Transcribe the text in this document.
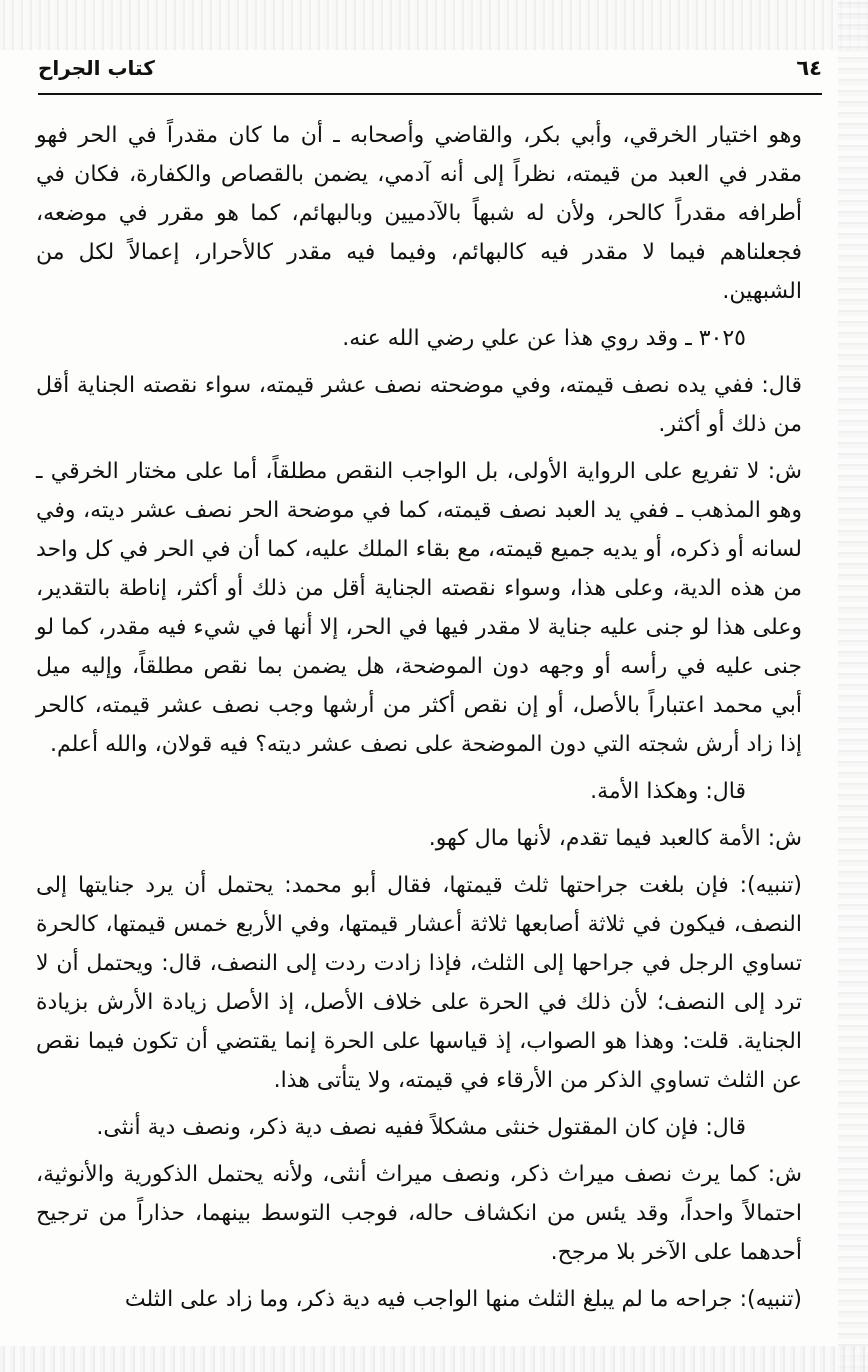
٦٤
كتاب الجراح

وهو اختيار الخرقي، وأبي بكر، والقاضي وأصحابه ـ أن ما كان مقدراً في الحر فهو مقدر في العبد من قيمته، نظراً إلى أنه آدمي، يضمن بالقصاص والكفارة، فكان في أطرافه مقدراً كالحر، ولأن له شبهاً بالآدميين وبالبهائم، كما هو مقرر في موضعه، فجعلناهم فيما لا مقدر فيه كالبهائم، وفيما فيه مقدر كالأحرار، إعمالاً لكل من الشبهين.

٣٠٢٥ ـ وقد روي هذا عن علي رضي الله عنه.

قال: ففي يده نصف قيمته، وفي موضحته نصف عشر قيمته، سواء نقصته الجناية أقل من ذلك أو أكثر.

ش: لا تفريع على الرواية الأولى، بل الواجب النقص مطلقاً، أما على مختار الخرقي ـ وهو المذهب ـ ففي يد العبد نصف قيمته، كما في موضحة الحر نصف عشر ديته، وفي لسانه أو ذكره، أو يديه جميع قيمته، مع بقاء الملك عليه، كما أن في الحر في كل واحد من هذه الدية، وعلى هذا، وسواء نقصته الجناية أقل من ذلك أو أكثر، إناطة بالتقدير، وعلى هذا لو جنى عليه جناية لا مقدر فيها في الحر، إلا أنها في شيء فيه مقدر، كما لو جنى عليه في رأسه أو وجهه دون الموضحة، هل يضمن بما نقص مطلقاً، وإليه ميل أبي محمد اعتباراً بالأصل، أو إن نقص أكثر من أرشها وجب نصف عشر قيمته، كالحر إذا زاد أرش شجته التي دون الموضحة على نصف عشر ديته؟ فيه قولان، والله أعلم.

قال: وهكذا الأمة.

ش: الأمة كالعبد فيما تقدم، لأنها مال كهو.

(تنبيه): فإن بلغت جراحتها ثلث قيمتها، فقال أبو محمد: يحتمل أن يرد جنايتها إلى النصف، فيكون في ثلاثة أصابعها ثلاثة أعشار قيمتها، وفي الأربع خمس قيمتها، كالحرة تساوي الرجل في جراحها إلى الثلث، فإذا زادت ردت إلى النصف، قال: ويحتمل أن لا ترد إلى النصف؛ لأن ذلك في الحرة على خلاف الأصل، إذ الأصل زيادة الأرش بزيادة الجناية. قلت: وهذا هو الصواب، إذ قياسها على الحرة إنما يقتضي أن تكون فيما نقص عن الثلث تساوي الذكر من الأرقاء في قيمته، ولا يتأتى هذا.

قال: فإن كان المقتول خنثى مشكلاً ففيه نصف دية ذكر، ونصف دية أنثى.

ش: كما يرث نصف ميراث ذكر، ونصف ميراث أنثى، ولأنه يحتمل الذكورية والأنوثية، احتمالاً واحداً، وقد يئس من انكشاف حاله، فوجب التوسط بينهما، حذاراً من ترجيح أحدهما على الآخر بلا مرجح.

(تنبيه): جراحه ما لم يبلغ الثلث منها الواجب فيه دية ذكر، وما زاد على الثلث
